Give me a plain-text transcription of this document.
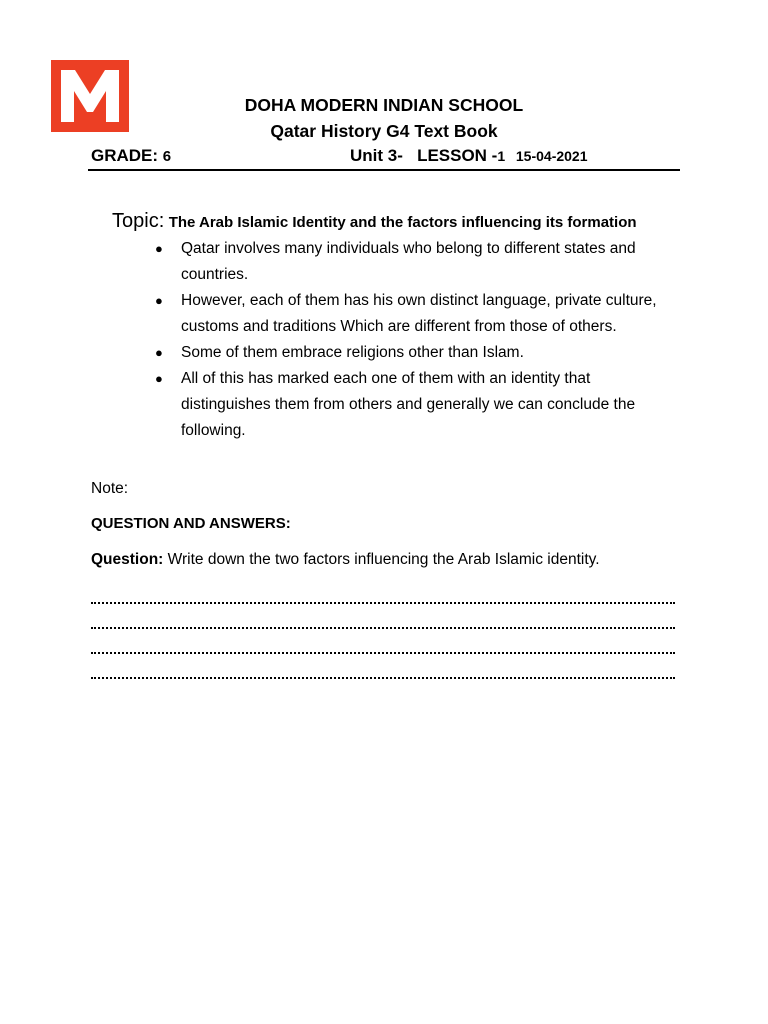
DOHA MODERN INDIAN SCHOOL
Qatar History G4 Text Book
GRADE: 6	Unit 3- LESSON -1 15-04-2021
Topic: The Arab Islamic Identity and the factors influencing its formation
● Qatar involves many individuals who belong to different states and countries.
● However, each of them has his own distinct language, private culture, customs and traditions Which are different from those of others.
● Some of them embrace religions other than Islam.
● All of this has marked each one of them with an identity that distinguishes them from others and generally we can conclude the following.
Note:
QUESTION AND ANSWERS:
Question: Write down the two factors influencing the Arab Islamic identity.
